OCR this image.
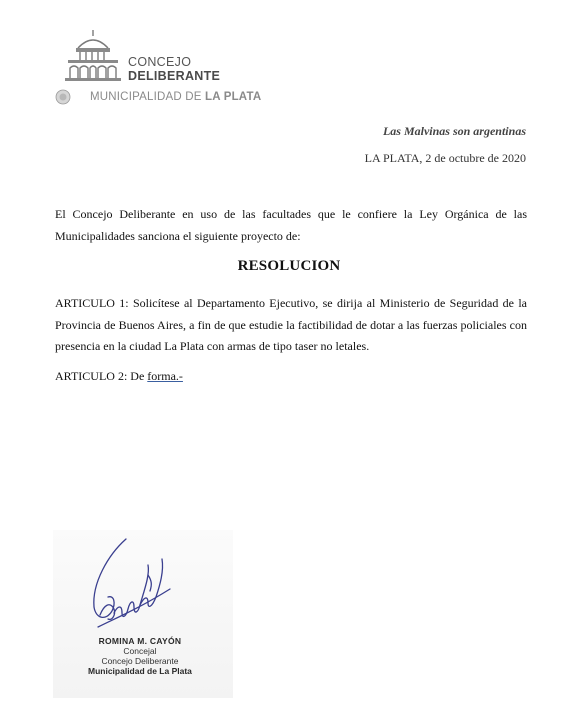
CONCEJO
DELIBERANTE
MUNICIPALIDAD DE LA PLATA
Las Malvinas son argentinas
LA PLATA, 2 de octubre de 2020
El Concejo Deliberante en uso de las facultades que le confiere la Ley Orgánica de las Municipalidades sanciona el siguiente proyecto de:
RESOLUCION
ARTICULO 1: Solicítese al Departamento Ejecutivo, se dirija al Ministerio de Seguridad de la Provincia de Buenos Aires, a fin de que estudie la factibilidad de dotar a las fuerzas policiales con presencia en la ciudad La Plata con armas de tipo taser no letales.
ARTICULO 2: De forma.-
ROMINA M. CAYÓN
Concejal
Concejo Deliberante
Municipalidad de La Plata
